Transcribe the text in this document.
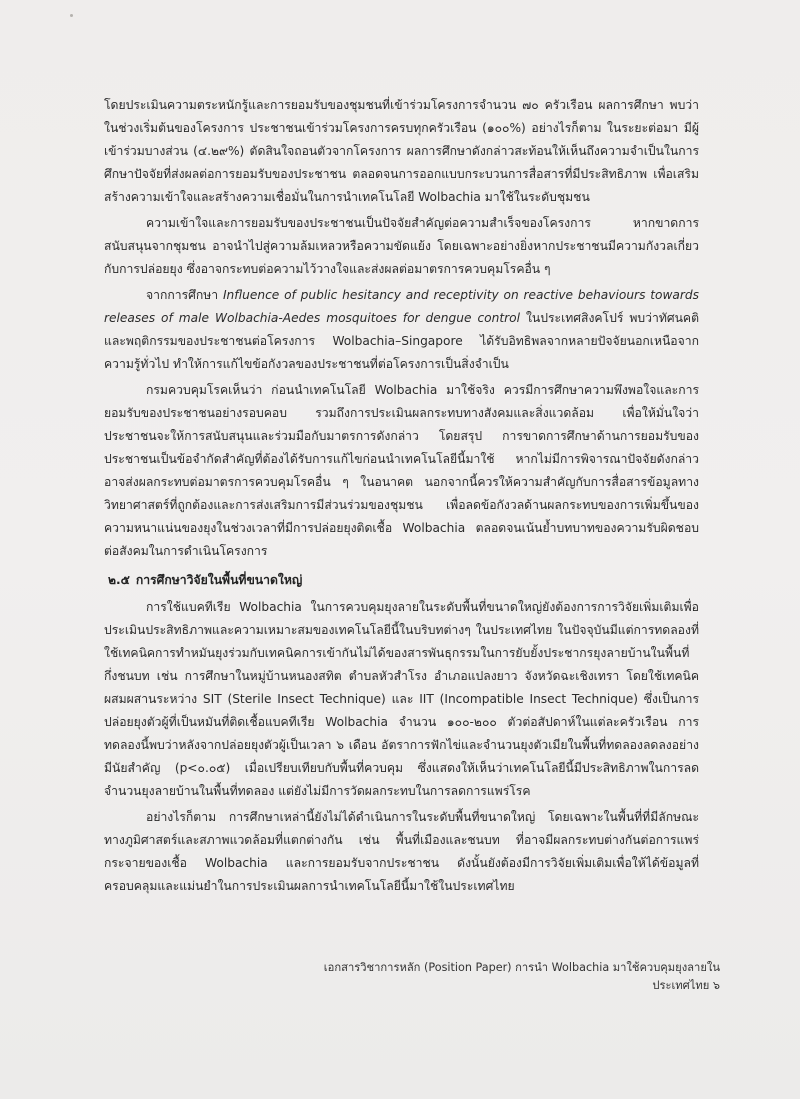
โดยประเมินความตระหนักรู้และการยอมรับของชุมชนที่เข้าร่วมโครงการจำนวน ๗๐ ครัวเรือน ผลการศึกษา พบว่าในช่วงเริ่มต้นของโครงการ ประชาชนเข้าร่วมโครงการครบทุกครัวเรือน (๑๐๐%) อย่างไรก็ตาม ในระยะต่อมา มีผู้เข้าร่วมบางส่วน (๔.๒๙%) ตัดสินใจถอนตัวจากโครงการ ผลการศึกษาดังกล่าวสะท้อนให้เห็นถึงความจำเป็นในการศึกษาปัจจัยที่ส่งผลต่อการยอมรับของประชาชน ตลอดจนการออกแบบกระบวนการสื่อสารที่มีประสิทธิภาพ เพื่อเสริมสร้างความเข้าใจและสร้างความเชื่อมั่นในการนำเทคโนโลยี Wolbachia มาใช้ในระดับชุมชน

ความเข้าใจและการยอมรับของประชาชนเป็นปัจจัยสำคัญต่อความสำเร็จของโครงการ หากขาดการสนับสนุนจากชุมชน อาจนำไปสู่ความล้มเหลวหรือความขัดแย้ง โดยเฉพาะอย่างยิ่งหากประชาชนมีความกังวลเกี่ยวกับการปล่อยยุง ซึ่งอาจกระทบต่อความไว้วางใจและส่งผลต่อมาตรการควบคุมโรคอื่น ๆ

จากการศึกษา Influence of public hesitancy and receptivity on reactive behaviours towards releases of male Wolbachia-Aedes mosquitoes for dengue control ในประเทศสิงคโปร์ พบว่าทัศนคติและพฤติกรรมของประชาชนต่อโครงการ Wolbachia–Singapore ได้รับอิทธิพลจากหลายปัจจัยนอกเหนือจากความรู้ทั่วไป ทำให้การแก้ไขข้อกังวลของประชาชนที่ต่อโครงการเป็นสิ่งจำเป็น

กรมควบคุมโรคเห็นว่า ก่อนนำเทคโนโลยี Wolbachia มาใช้จริง ควรมีการศึกษาความพึงพอใจและการยอมรับของประชาชนอย่างรอบคอบ รวมถึงการประเมินผลกระทบทางสังคมและสิ่งแวดล้อม เพื่อให้มั่นใจว่าประชาชนจะให้การสนับสนุนและร่วมมือกับมาตรการดังกล่าว โดยสรุป การขาดการศึกษาด้านการยอมรับของประชาชนเป็นข้อจำกัดสำคัญที่ต้องได้รับการแก้ไขก่อนนำเทคโนโลยีนี้มาใช้ หากไม่มีการพิจารณาปัจจัยดังกล่าว อาจส่งผลกระทบต่อมาตรการควบคุมโรคอื่น ๆ ในอนาคต นอกจากนี้ควรให้ความสำคัญกับการสื่อสารข้อมูลทางวิทยาศาสตร์ที่ถูกต้องและการส่งเสริมการมีส่วนร่วมของชุมชน เพื่อลดข้อกังวลด้านผลกระทบของการเพิ่มขึ้นของความหนาแน่นของยุงในช่วงเวลาที่มีการปล่อยยุงติดเชื้อ Wolbachia ตลอดจนเน้นย้ำบทบาทของความรับผิดชอบต่อสังคมในการดำเนินโครงการ

๒.๕ การศึกษาวิจัยในพื้นที่ขนาดใหญ่

การใช้แบคทีเรีย Wolbachia ในการควบคุมยุงลายในระดับพื้นที่ขนาดใหญ่ยังต้องการการวิจัยเพิ่มเติมเพื่อประเมินประสิทธิภาพและความเหมาะสมของเทคโนโลยีนี้ในบริบทต่างๆ ในประเทศไทย ในปัจจุบันมีแต่การทดลองที่ใช้เทคนิคการทำหมันยุงร่วมกับเทคนิคการเข้ากันไม่ได้ของสารพันธุกรรมในการยับยั้งประชากรยุงลายบ้านในพื้นที่กึ่งชนบท เช่น การศึกษาในหมู่บ้านหนองสทิต ตำบลหัวสำโรง อำเภอแปลงยาว จังหวัดฉะเชิงเทรา โดยใช้เทคนิคผสมผสานระหว่าง SIT (Sterile Insect Technique) และ IIT (Incompatible Insect Technique) ซึ่งเป็นการปล่อยยุงตัวผู้ที่เป็นหมันที่ติดเชื้อแบคทีเรีย Wolbachia จำนวน ๑๐๐-๒๐๐ ตัวต่อสัปดาห์ในแต่ละครัวเรือน การทดลองนี้พบว่าหลังจากปล่อยยุงตัวผู้เป็นเวลา ๖ เดือน อัตราการฟักไข่และจำนวนยุงตัวเมียในพื้นที่ทดลองลดลงอย่างมีนัยสำคัญ (p<๐.๐๕) เมื่อเปรียบเทียบกับพื้นที่ควบคุม ซึ่งแสดงให้เห็นว่าเทคโนโลยีนี้มีประสิทธิภาพในการลดจำนวนยุงลายบ้านในพื้นที่ทดลอง แต่ยังไม่มีการวัดผลกระทบในการลดการแพร่โรค

อย่างไรก็ตาม การศึกษาเหล่านี้ยังไม่ได้ดำเนินการในระดับพื้นที่ขนาดใหญ่ โดยเฉพาะในพื้นที่ที่มีลักษณะทางภูมิศาสตร์และสภาพแวดล้อมที่แตกต่างกัน เช่น พื้นที่เมืองและชนบท ที่อาจมีผลกระทบต่างกันต่อการแพร่กระจายของเชื้อ Wolbachia และการยอมรับจากประชาชน ดังนั้นยังต้องมีการวิจัยเพิ่มเติมเพื่อให้ได้ข้อมูลที่ครอบคลุมและแม่นยำในการประเมินผลการนำเทคโนโลยีนี้มาใช้ในประเทศไทย

เอกสารวิชาการหลัก (Position Paper) การนำ Wolbachia มาใช้ควบคุมยุงลายในประเทศไทย ๖
